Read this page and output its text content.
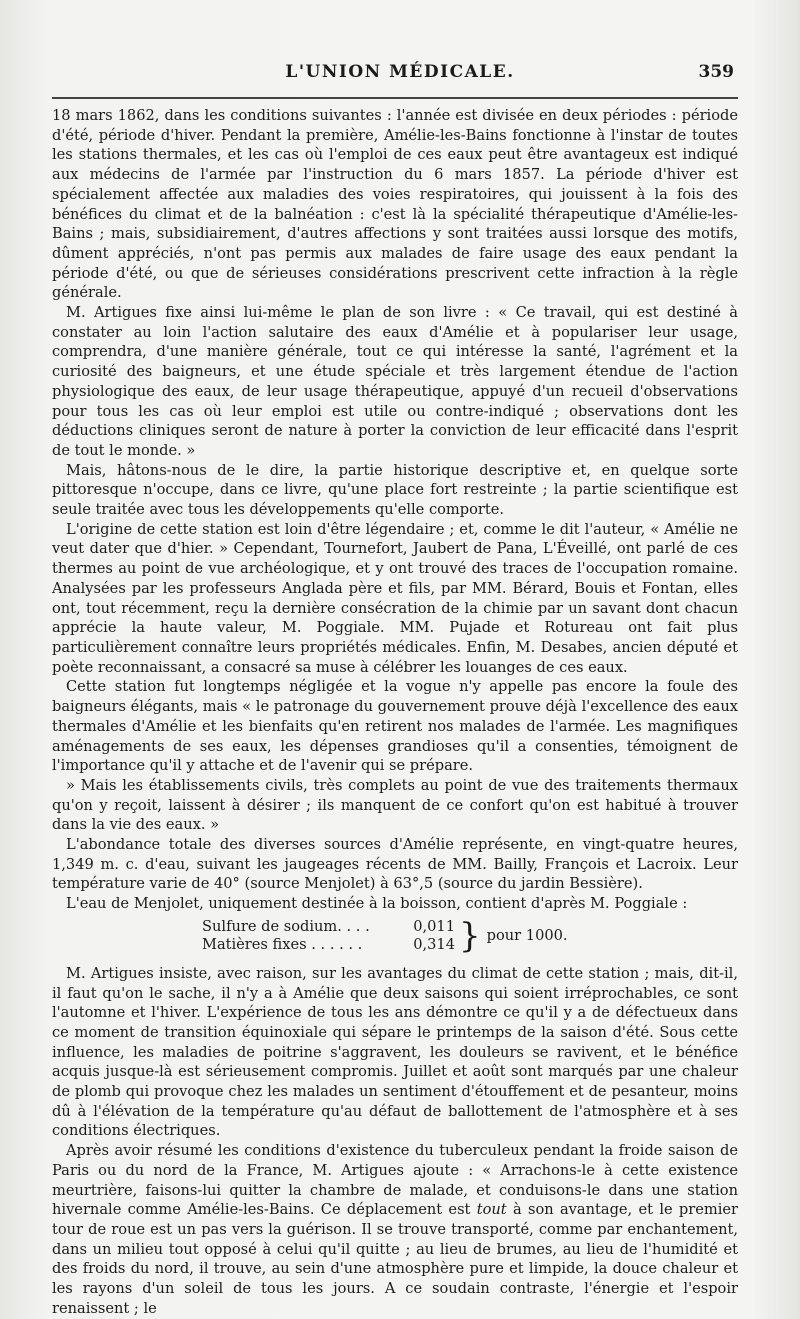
L'UNION MÉDICALE.	359

18 mars 1862, dans les conditions suivantes : l'année est divisée en deux périodes : période d'été, période d'hiver. Pendant la première, Amélie-les-Bains fonctionne à l'instar de toutes les stations thermales, et les cas où l'emploi de ces eaux peut être avantageux est indiqué aux médecins de l'armée par l'instruction du 6 mars 1857. La période d'hiver est spécialement affectée aux maladies des voies respiratoires, qui jouissent à la fois des bénéfices du climat et de la balnéation : c'est là la spécialité thérapeutique d'Amélie-les-Bains ; mais, subsidiairement, d'autres affections y sont traitées aussi lorsque des motifs, dûment appréciés, n'ont pas permis aux malades de faire usage des eaux pendant la période d'été, ou que de sérieuses considérations prescrivent cette infraction à la règle générale.

M. Artigues fixe ainsi lui-même le plan de son livre : « Ce travail, qui est destiné à constater au loin l'action salutaire des eaux d'Amélie et à populariser leur usage, comprendra, d'une manière générale, tout ce qui intéresse la santé, l'agrément et la curiosité des baigneurs, et une étude spéciale et très largement étendue de l'action physiologique des eaux, de leur usage thérapeutique, appuyé d'un recueil d'observations pour tous les cas où leur emploi est utile ou contre-indiqué ; observations dont les déductions cliniques seront de nature à porter la conviction de leur efficacité dans l'esprit de tout le monde. »

Mais, hâtons-nous de le dire, la partie historique descriptive et, en quelque sorte pittoresque n'occupe, dans ce livre, qu'une place fort restreinte ; la partie scientifique est seule traitée avec tous les développements qu'elle comporte.

L'origine de cette station est loin d'être légendaire ; et, comme le dit l'auteur, « Amélie ne veut dater que d'hier. » Cependant, Tournefort, Jaubert de Pana, L'Éveillé, ont parlé de ces thermes au point de vue archéologique, et y ont trouvé des traces de l'occupation romaine. Analysées par les professeurs Anglada père et fils, par MM. Bérard, Bouis et Fontan, elles ont, tout récemment, reçu la dernière consécration de la chimie par un savant dont chacun apprécie la haute valeur, M. Poggiale. MM. Pujade et Rotureau ont fait plus particulièrement connaître leurs propriétés médicales. Enfin, M. Desabes, ancien député et poète reconnaissant, a consacré sa muse à célébrer les louanges de ces eaux.

Cette station fut longtemps négligée et la vogue n'y appelle pas encore la foule des baigneurs élégants, mais « le patronage du gouvernement prouve déjà l'excellence des eaux thermales d'Amélie et les bienfaits qu'en retirent nos malades de l'armée. Les magnifiques aménagements de ses eaux, les dépenses grandioses qu'il a consenties, témoignent de l'importance qu'il y attache et de l'avenir qui se prépare.

» Mais les établissements civils, très complets au point de vue des traitements thermaux qu'on y reçoit, laissent à désirer ; ils manquent de ce confort qu'on est habitué à trouver dans la vie des eaux. »

L'abondance totale des diverses sources d'Amélie représente, en vingt-quatre heures, 1,349 m. c. d'eau, suivant les jaugeages récents de MM. Bailly, François et Lacroix. Leur température varie de 40° (source Menjolet) à 63°,5 (source du jardin Bessière).

L'eau de Menjolet, uniquement destinée à la boisson, contient d'après M. Poggiale :

Sulfure de sodium. . . .	0,011
Matières fixes . . . . . .	0,314 } pour 1000.

M. Artigues insiste, avec raison, sur les avantages du climat de cette station ; mais, dit-il, il faut qu'on le sache, il n'y a à Amélie que deux saisons qui soient irréprochables, ce sont l'automne et l'hiver. L'expérience de tous les ans démontre ce qu'il y a de défectueux dans ce moment de transition équinoxiale qui sépare le printemps de la saison d'été. Sous cette influence, les maladies de poitrine s'aggravent, les douleurs se ravivent, et le bénéfice acquis jusque-là est sérieusement compromis. Juillet et août sont marqués par une chaleur de plomb qui provoque chez les malades un sentiment d'étouffement et de pesanteur, moins dû à l'élévation de la température qu'au défaut de ballottement de l'atmosphère et à ses conditions électriques.

Après avoir résumé les conditions d'existence du tuberculeux pendant la froide saison de Paris ou du nord de la France, M. Artigues ajoute : « Arrachons-le à cette existence meurtrière, faisons-lui quitter la chambre de malade, et conduisons-le dans une station hivernale comme Amélie-les-Bains. Ce déplacement est tout à son avantage, et le premier tour de roue est un pas vers la guérison. Il se trouve transporté, comme par enchantement, dans un milieu tout opposé à celui qu'il quitte ; au lieu de brumes, au lieu de l'humidité et des froids du nord, il trouve, au sein d'une atmosphère pure et limpide, la douce chaleur et les rayons d'un soleil de tous les jours. A ce soudain contraste, l'énergie et l'espoir renaissent ; le
